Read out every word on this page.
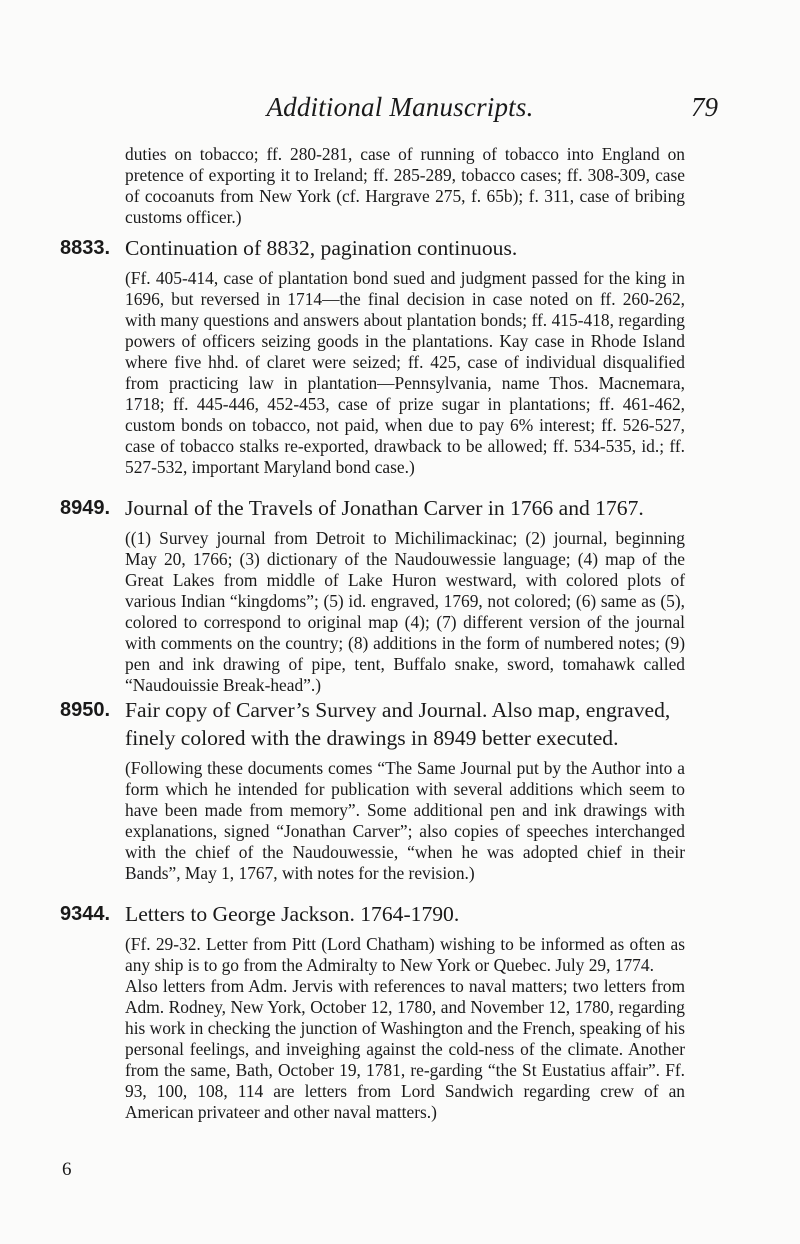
Additional Manuscripts.	79
duties on tobacco; ff. 280-281, case of running of tobacco into England on pretence of exporting it to Ireland; ff. 285-289, tobacco cases; ff. 308-309, case of cocoanuts from New York (cf. Hargrave 275, f. 65b); f. 311, case of bribing customs officer.)
8833. Continuation of 8832, pagination continuous.
(Ff. 405-414, case of plantation bond sued and judgment passed for the king in 1696, but reversed in 1714—the final decision in case noted on ff. 260-262, with many questions and answers about plantation bonds; ff. 415-418, regarding powers of officers seizing goods in the plantations. Kay case in Rhode Island where five hhd. of claret were seized; ff. 425, case of individual disqualified from practicing law in plantation—Pennsylvania, name Thos. Macnemara, 1718; ff. 445-446, 452-453, case of prize sugar in plantations; ff. 461-462, custom bonds on tobacco, not paid, when due to pay 6% interest; ff. 526-527, case of tobacco stalks re-exported, drawback to be allowed; ff. 534-535, id.; ff. 527-532, important Maryland bond case.)
8949. Journal of the Travels of Jonathan Carver in 1766 and 1767.
((1) Survey journal from Detroit to Michilimackinac; (2) journal, beginning May 20, 1766; (3) dictionary of the Naudouwessie language; (4) map of the Great Lakes from middle of Lake Huron westward, with colored plots of various Indian “kingdoms”; (5) id. engraved, 1769, not colored; (6) same as (5), colored to correspond to original map (4); (7) different version of the journal with comments on the country; (8) additions in the form of numbered notes; (9) pen and ink drawing of pipe, tent, Buffalo snake, sword, tomahawk called “Naudouissie Break-head”.)
8950. Fair copy of Carver’s Survey and Journal. Also map, engraved, finely colored with the drawings in 8949 better executed.
(Following these documents comes “The Same Journal put by the Author into a form which he intended for publication with several additions which seem to have been made from memory”. Some additional pen and ink drawings with explanations, signed “Jonathan Carver”; also copies of speeches interchanged with the chief of the Naudouwessie, “when he was adopted chief in their Bands”, May 1, 1767, with notes for the revision.)
9344. Letters to George Jackson. 1764-1790.
(Ff. 29-32. Letter from Pitt (Lord Chatham) wishing to be informed as often as any ship is to go from the Admiralty to New York or Quebec. July 29, 1774.
Also letters from Adm. Jervis with references to naval matters; two letters from Adm. Rodney, New York, October 12, 1780, and November 12, 1780, regarding his work in checking the junction of Washington and the French, speaking of his personal feelings, and inveighing against the cold-ness of the climate. Another from the same, Bath, October 19, 1781, re-garding “the St Eustatius affair”. Ff. 93, 100, 108, 114 are letters from Lord Sandwich regarding crew of an American privateer and other naval matters.)
6
